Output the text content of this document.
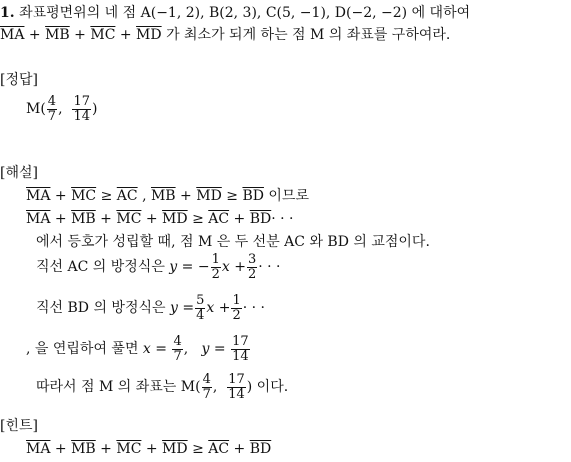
1. 좌표평면위의 네 점 A(−1, 2), B(2, 3), C(5, −1), D(−2, −2) 에 대하여
$\overline{MA} + \overline{MB} + \overline{MC} + \overline{MD}$ 가 최소가 되게 하는 점 M 의 좌표를 구하여라.
[정답]
$M( \frac{4}{7}$ , $\frac{17}{14}$ )
[해설]
$\overline{MA} + \overline{MC} \ge \overline{AC}$ , $\overline{MB} + \overline{MD} \ge \overline{BD}$ 이므로
$\overline{MA} + \overline{MB} + \overline{MC} + \overline{MD} \ge \overline{AC} + \overline{BD}\cdot$ · ·
에서 등호가 성립할 때, 점 M 은 두 선분 AC 와 BD 의 교점이다.
직선 AC 의 방정식은 y = − $\frac{1}{2}$ $x + \frac{3}{2}$ · · ·
직선 BD 의 방정식은 $y = \frac{5}{4}$ $x + \frac{1}{2}$ · · ·
, 을 연립하여 풀면 $x = \frac{4}{7}$ , $y = \frac{17}{14}$
따라서 점 M 의 좌표는 $M( \frac{4}{7}$ , $\frac{17}{14}$ ) 이다.
[힌트]
$\overline{MA} + \overline{MB} + \overline{MC} + \overline{MD} \ge \overline{AC} + \overline{BD}$
